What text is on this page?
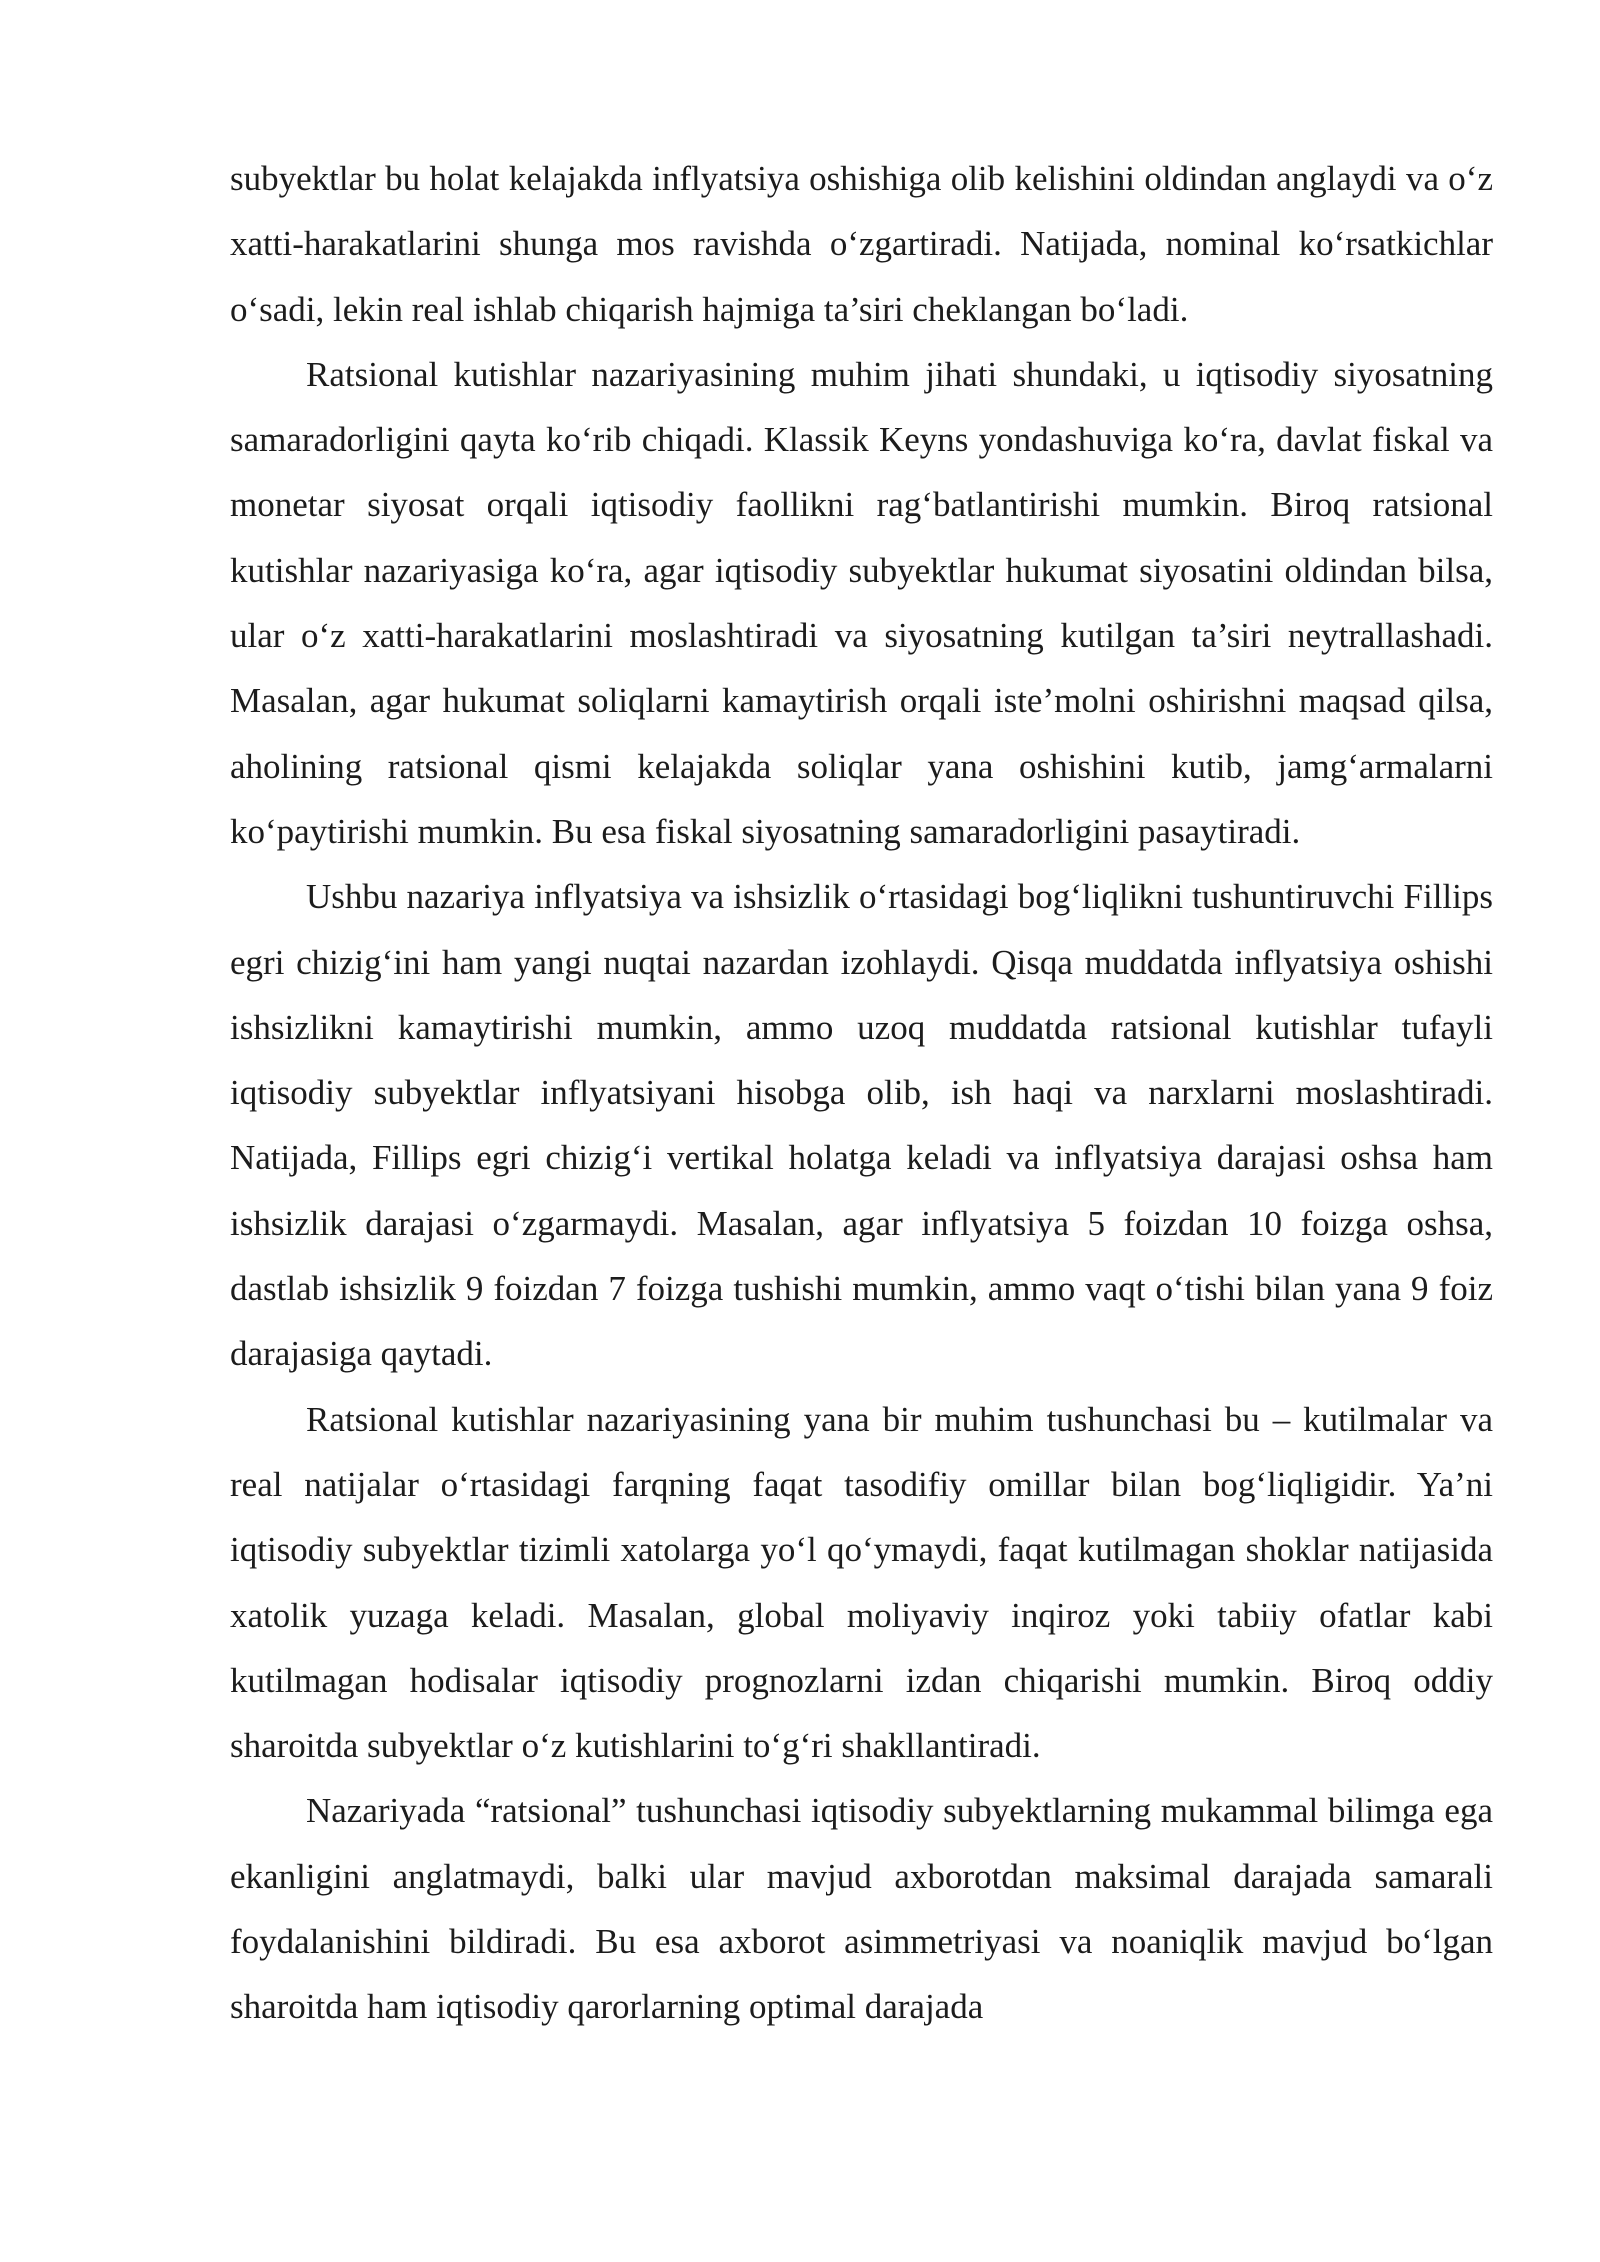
subyektlar bu holat kelajakda inflyatsiya oshishiga olib kelishini oldindan anglaydi va o‘z xatti-harakatlarini shunga mos ravishda o‘zgartiradi. Natijada, nominal ko‘rsatkichlar o‘sadi, lekin real ishlab chiqarish hajmiga ta’siri cheklangan bo‘ladi.

Ratsional kutishlar nazariyasining muhim jihati shundaki, u iqtisodiy siyosatning samaradorligini qayta ko‘rib chiqadi. Klassik Keyns yondashuviga ko‘ra, davlat fiskal va monetar siyosat orqali iqtisodiy faollikni rag‘batlantirishi mumkin. Biroq ratsional kutishlar nazariyasiga ko‘ra, agar iqtisodiy subyektlar hukumat siyosatini oldindan bilsa, ular o‘z xatti-harakatlarini moslashtiradi va siyosatning kutilgan ta’siri neytrallashadi. Masalan, agar hukumat soliqlarni kamaytirish orqali iste’molni oshirishni maqsad qilsa, aholining ratsional qismi kelajakda soliqlar yana oshishini kutib, jamg‘armalarni ko‘paytirishi mumkin. Bu esa fiskal siyosatning samaradorligini pasaytiradi.

Ushbu nazariya inflyatsiya va ishsizlik o‘rtasidagi bog‘liqlikni tushuntiruvchi Fillips egri chizig‘ini ham yangi nuqtai nazardan izohlaydi. Qisqa muddatda inflyatsiya oshishi ishsizlikni kamaytirishi mumkin, ammo uzoq muddatda ratsional kutishlar tufayli iqtisodiy subyektlar inflyatsiyani hisobga olib, ish haqi va narxlarni moslashtiradi. Natijada, Fillips egri chizig‘i vertikal holatga keladi va inflyatsiya darajasi oshsa ham ishsizlik darajasi o‘zgarmaydi. Masalan, agar inflyatsiya 5 foizdan 10 foizga oshsa, dastlab ishsizlik 9 foizdan 7 foizga tushishi mumkin, ammo vaqt o‘tishi bilan yana 9 foiz darajasiga qaytadi.

Ratsional kutishlar nazariyasining yana bir muhim tushunchasi bu – kutilmalar va real natijalar o‘rtasidagi farqning faqat tasodifiy omillar bilan bog‘liqligidir. Ya’ni iqtisodiy subyektlar tizimli xatolarga yo‘l qo‘ymaydi, faqat kutilmagan shoklar natijasida xatolik yuzaga keladi. Masalan, global moliyaviy inqiroz yoki tabiiy ofatlar kabi kutilmagan hodisalar iqtisodiy prognozlarni izdan chiqarishi mumkin. Biroq oddiy sharoitda subyektlar o‘z kutishlarini to‘g‘ri shakllantiradi.

Nazariyada “ratsional” tushunchasi iqtisodiy subyektlarning mukammal bilimga ega ekanligini anglatmaydi, balki ular mavjud axborotdan maksimal darajada samarali foydalanishini bildiradi. Bu esa axborot asimmetriyasi va noaniqlik mavjud bo‘lgan sharoitda ham iqtisodiy qarorlarning optimal darajada
